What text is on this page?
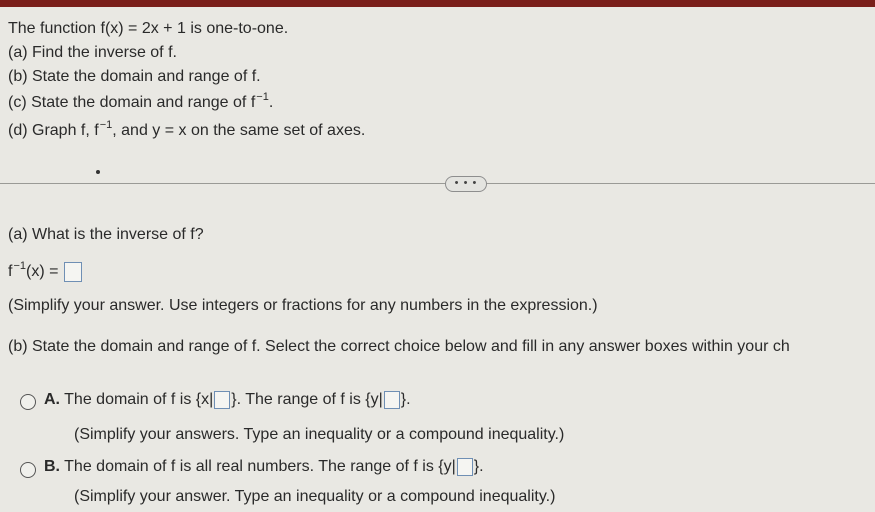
The function f(x) = 2x + 1 is one-to-one.
(a) Find the inverse of f.
(b) State the domain and range of f.
(c) State the domain and range of $f^{-1}$.
(d) Graph f, $f^{-1}$, and y = x on the same set of axes.
• • •
(a) What is the inverse of f?
$f^{-1}(x)$ =
(Simplify your answer. Use integers or fractions for any numbers in the expression.)
(b) State the domain and range of f. Select the correct choice below and fill in any answer boxes within your ch
A. The domain of f is {x| }. The range of f is {y| }.
(Simplify your answers. Type an inequality or a compound inequality.)
B. The domain of f is all real numbers. The range of f is {y| }.
(Simplify your answer. Type an inequality or a compound inequality.)
